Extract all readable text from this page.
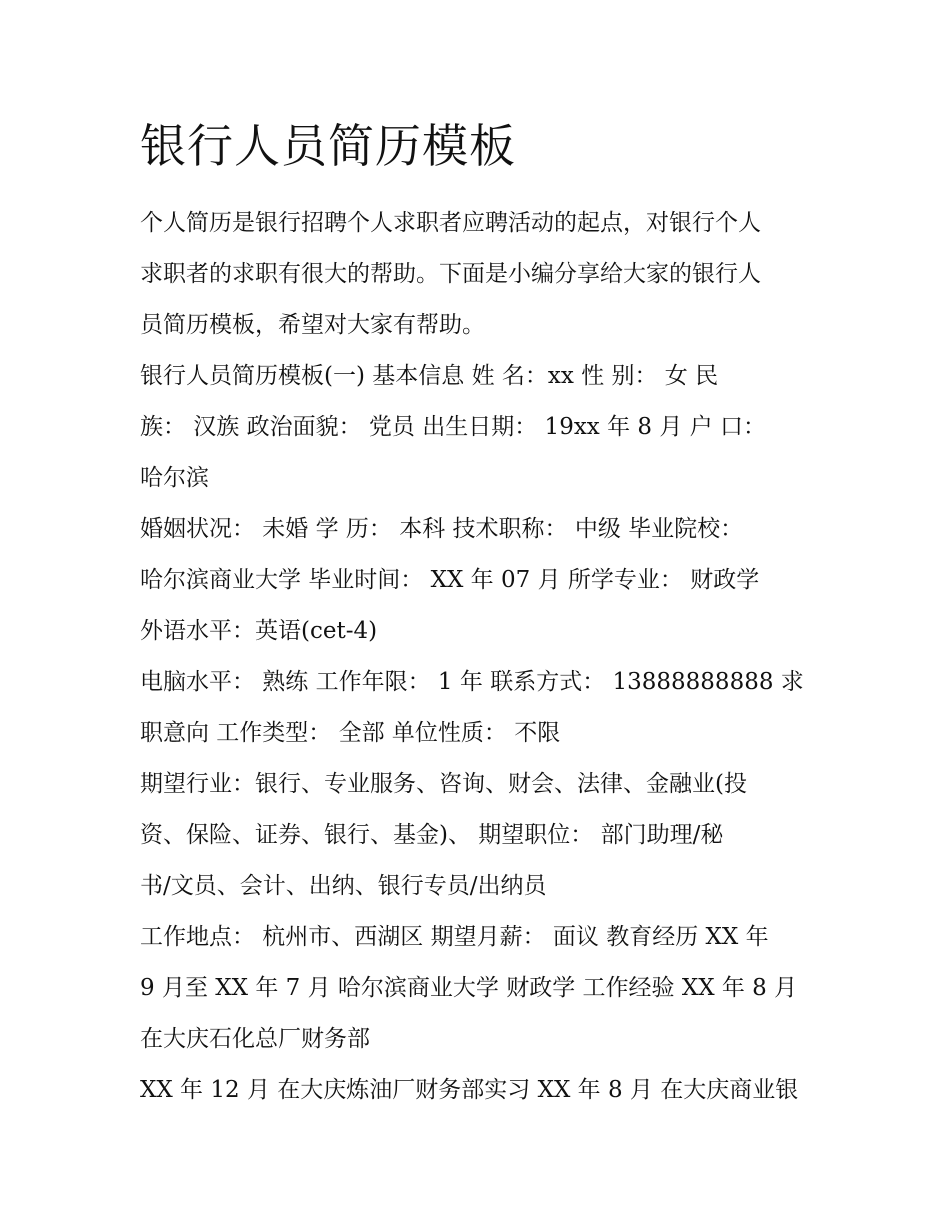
银行人员简历模板
个人简历是银行招聘个人求职者应聘活动的起点，对银行个人
求职者的求职有很大的帮助。下面是小编分享给大家的银行人
员简历模板，希望对大家有帮助。
银行人员简历模板(一) 基本信息 姓 名：xx 性 别： 女 民
族： 汉族 政治面貌： 党员 出生日期： 19xx 年 8 月 户 口：
哈尔滨
婚姻状况： 未婚 学 历： 本科 技术职称： 中级 毕业院校：
哈尔滨商业大学 毕业时间： XX 年 07 月 所学专业： 财政学
外语水平：英语(cet-4)
电脑水平： 熟练 工作年限： 1 年 联系方式： 13888888888 求
职意向 工作类型： 全部 单位性质： 不限
期望行业：银行、专业服务、咨询、财会、法律、金融业(投
资、保险、证券、银行、基金)、 期望职位： 部门助理/秘
书/文员、会计、出纳、银行专员/出纳员
工作地点： 杭州市、西湖区 期望月薪： 面议 教育经历 XX 年
9 月至 XX 年 7 月 哈尔滨商业大学 财政学 工作经验 XX 年 8 月
在大庆石化总厂财务部
XX 年 12 月 在大庆炼油厂财务部实习 XX 年 8 月 在大庆商业银
